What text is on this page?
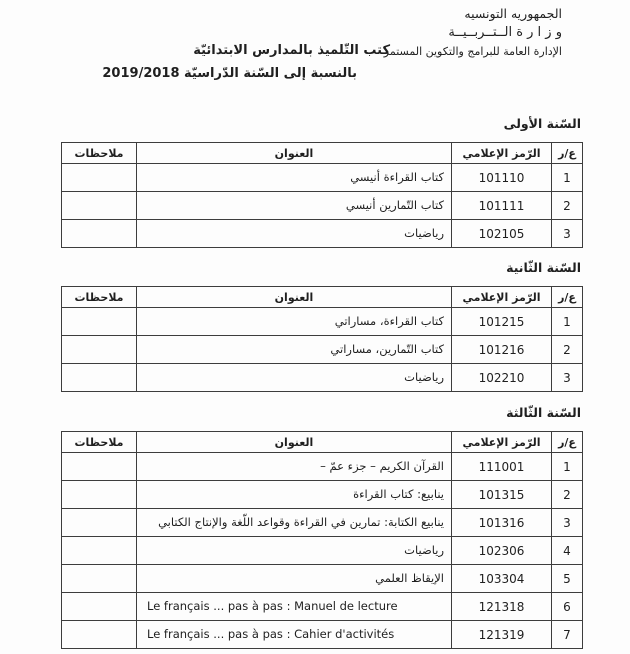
الجمهوريه التونسيه
و ز ا ر ة الــتــربــيــة
الإدارة العامة للبرامج والتكوين المستمر
كتب التّلميذ بالمدارس الابتدائيّة
بالنسبة إلى السّنة الدّراسيّة 2019/2018
السّنة الأولى
ع/ر	الرّمز الإعلامي	العنوان	ملاحظات
1	101110	كتاب القراءة أنيسي	
2	101111	كتاب التّمارين أنيسي	
3	102105	رياضيات	
السّنة الثّانية
ع/ر	الرّمز الإعلامي	العنوان	ملاحظات
1	101215	كتاب القراءة، مساراتي	
2	101216	كتاب التّمارين، مساراتي	
3	102210	رياضيات	
السّنة الثّالثة
ع/ر	الرّمز الإعلامي	العنوان	ملاحظات
1	111001	القرآن الكريم – جزء عمّ –	
2	101315	ينابيع: كتاب القراءة	
3	101316	ينابيع الكتابة: تمارين في القراءة وقواعد اللّغة والإنتاج الكتابي	
4	102306	رياضيات	
5	103304	الإيقاظ العلمي	
6	121318	Le français ... pas à pas : Manuel de lecture	
7	121319	Le français ... pas à pas : Cahier d'activités	
